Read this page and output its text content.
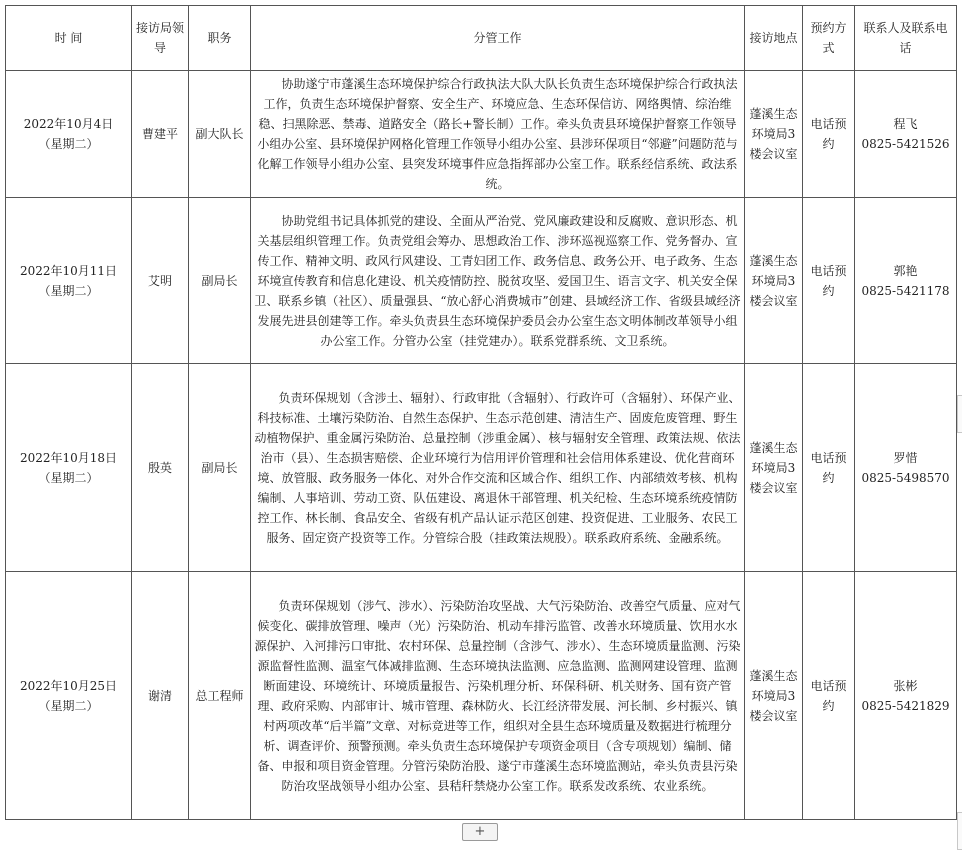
时 间	接访局领导	职务	分管工作	接访地点	预约方式	联系人及联系电话

2022年10月4日
（星期二）	曹建平	副大队长	协助遂宁市蓬溪生态环境保护综合行政执法大队大队长负责生态环境保护综合行政执法工作，负责生态环境保护督察、安全生产、环境应急、生态环保信访、网络舆情、综治维稳、扫黑除恶、禁毒、道路安全（路长+警长制）工作。牵头负责县环境保护督察工作领导小组办公室、县环境保护网格化管理工作领导小组办公室、县涉环保项目“邻避”问题防范与化解工作领导小组办公室、县突发环境事件应急指挥部办公室工作。联系经信系统、政法系统。	蓬溪生态环境局3楼会议室	电话预约	程飞
0825-5421526

2022年10月11日
（星期二）	艾明	副局长	协助党组书记具体抓党的建设、全面从严治党、党风廉政建设和反腐败、意识形态、机关基层组织管理工作。负责党组会筹办、思想政治工作、涉环巡视巡察工作、党务督办、宣传工作、精神文明、政风行风建设、工青妇团工作、政务信息、政务公开、电子政务、生态环境宣传教育和信息化建设、机关疫情防控、脱贫攻坚、爱国卫生、语言文字、机关安全保卫、联系乡镇（社区）、质量强县、“放心舒心消费城市”创建、县域经济工作、省级县域经济发展先进县创建等工作。牵头负责县生态环境保护委员会办公室生态文明体制改革领导小组办公室工作。分管办公室（挂党建办）。联系党群系统、文卫系统。	蓬溪生态环境局3楼会议室	电话预约	郭艳
0825-5421178

2022年10月18日
（星期二）	殷英	副局长	负责环保规划（含涉土、辐射）、行政审批（含辐射）、行政许可（含辐射）、环保产业、科技标准、土壤污染防治、自然生态保护、生态示范创建、清洁生产、固废危废管理、野生动植物保护、重金属污染防治、总量控制（涉重金属）、核与辐射安全管理、政策法规、依法治市（县）、生态损害赔偿、企业环境行为信用评价管理和社会信用体系建设、优化营商环境、放管服、政务服务一体化、对外合作交流和区域合作、组织工作、内部绩效考核、机构编制、人事培训、劳动工资、队伍建设、离退休干部管理、机关纪检、生态环境系统疫情防控工作、林长制、食品安全、省级有机产品认证示范区创建、投资促进、工业服务、农民工服务、固定资产投资等工作。分管综合股（挂政策法规股）。联系政府系统、金融系统。	蓬溪生态环境局3楼会议室	电话预约	罗惜
0825-5498570

2022年10月25日
（星期二）	谢清	总工程师	负责环保规划（涉气、涉水）、污染防治攻坚战、大气污染防治、改善空气质量、应对气候变化、碳排放管理、噪声（光）污染防治、机动车排污监管、改善水环境质量、饮用水水源保护、入河排污口审批、农村环保、总量控制（含涉气、涉水）、生态环境质量监测、污染源监督性监测、温室气体减排监测、生态环境执法监测、应急监测、监测网建设管理、监测断面建设、环境统计、环境质量报告、污染机理分析、环保科研、机关财务、国有资产管理、政府采购、内部审计、城市管理、森林防火、长江经济带发展、河长制、乡村振兴、镇村两项改革“后半篇”文章、对标竞进等工作，组织对全县生态环境质量及数据进行梳理分析、调查评价、预警预测。牵头负责生态环境保护专项资金项目（含专项规划）编制、储备、申报和项目资金管理。分管污染防治股、遂宁市蓬溪生态环境监测站，牵头负责县污染防治攻坚战领导小组办公室、县秸秆禁烧办公室工作。联系发改系统、农业系统。	蓬溪生态环境局3楼会议室	电话预约	张彬
0825-5421829
+
